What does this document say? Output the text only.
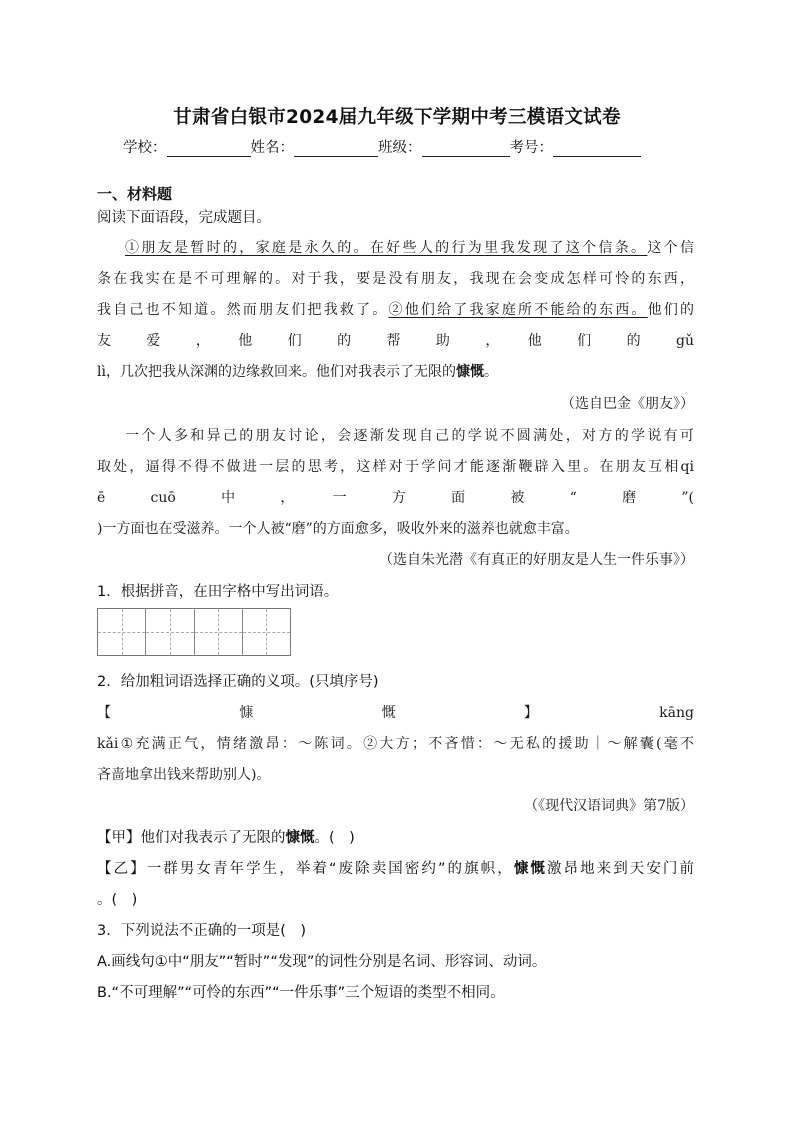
甘肃省白银市2024届九年级下学期中考三模语文试卷
学校：	姓名：	班级：	考号：
一、材料题
阅读下面语段，完成题目。
①朋友是暂时的，家庭是永久的。在好些人的行为里我发现了这个信条。这个信
条在我实在是不可理解的。对于我，要是没有朋友，我现在会变成怎样可怜的东西，
我自己也不知道。然而朋友们把我救了。②他们给了我家庭所不能给的东西。他们的
友　爱　，　他　们　的　帮　助　，　他　们　的　gǔ
lì，几次把我从深渊的边缘救回来。他们对我表示了无限的慷慨。
（选自巴金《朋友》）
一个人多和异己的朋友讨论，会逐渐发现自己的学说不圆满处，对方的学说有可
取处，逼得不得不做进一层的思考，这样对于学问才能逐渐鞭辟入里。在朋友互相qi
ē　cuō　中　，　一　方　面　被　“　磨　”(
)一方面也在受滋养。一个人被“磨”的方面愈多，吸收外来的滋养也就愈丰富。
（选自朱光潜《有真正的好朋友是人生一件乐事》）
1．根据拼音，在田字格中写出词语。
2．给加粗词语选择正确的义项。(只填序号)
【　慷　慨　】　kāng
kǎi①充满正气，情绪激昂：～陈词。②大方；不吝惜：～无私的援助｜～解囊(毫不
吝啬地拿出钱来帮助别人)。
（《现代汉语词典》第7版）
【甲】他们对我表示了无限的慷慨。(　)
【乙】一群男女青年学生，举着“废除卖国密约”的旗帜，慷慨激昂地来到天安门前
。(　)
3．下列说法不正确的一项是(　)
A.画线句①中“朋友”“暂时”“发现”的词性分别是名词、形容词、动词。
B.“不可理解”“可怜的东西”“一件乐事”三个短语的类型不相同。
